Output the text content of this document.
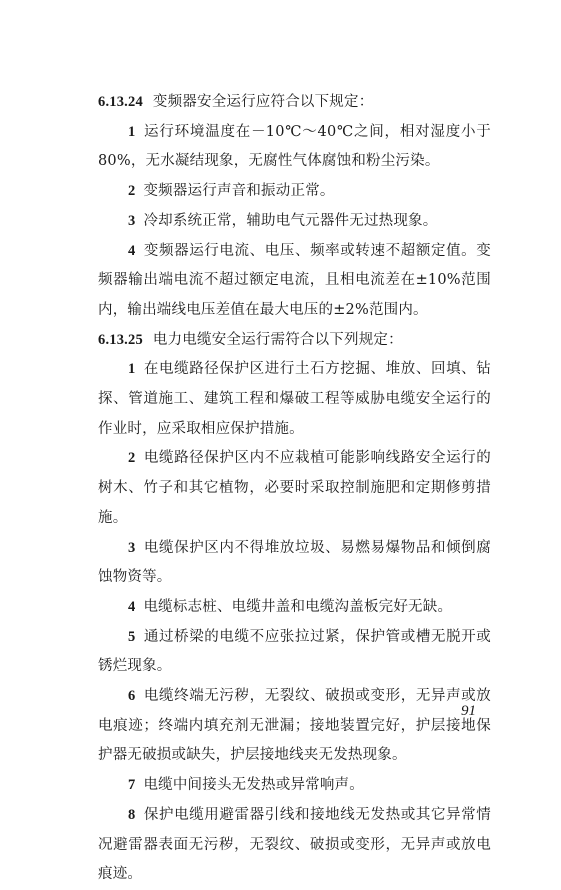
6.13.24 变频器安全运行应符合以下规定：

1 运行环境温度在－10℃～40℃之间，相对湿度小于80%，无水凝结现象，无腐性气体腐蚀和粉尘污染。

2 变频器运行声音和振动正常。

3 冷却系统正常，辅助电气元器件无过热现象。

4 变频器运行电流、电压、频率或转速不超额定值。变频器输出端电流不超过额定电流，且相电流差在±10%范围内，输出端线电压差值在最大电压的±2%范围内。

6.13.25 电力电缆安全运行需符合以下列规定：

1 在电缆路径保护区进行土石方挖掘、堆放、回填、钻探、管道施工、建筑工程和爆破工程等威胁电缆安全运行的作业时，应采取相应保护措施。

2 电缆路径保护区内不应栽植可能影响线路安全运行的树木、竹子和其它植物，必要时采取控制施肥和定期修剪措施。

3 电缆保护区内不得堆放垃圾、易燃易爆物品和倾倒腐蚀物资等。

4 电缆标志桩、电缆井盖和电缆沟盖板完好无缺。

5 通过桥梁的电缆不应张拉过紧，保护管或槽无脱开或锈烂现象。

6 电缆终端无污秽，无裂纹、破损或变形，无异声或放电痕迹；终端内填充剂无泄漏；接地装置完好，护层接地保护器无破损或缺失，护层接地线夹无发热现象。

7 电缆中间接头无发热或异常响声。

8 保护电缆用避雷器引线和接地线无发热或其它异常情况避雷器表面无污秽，无裂纹、破损或变形，无异声或放电痕迹。

91
